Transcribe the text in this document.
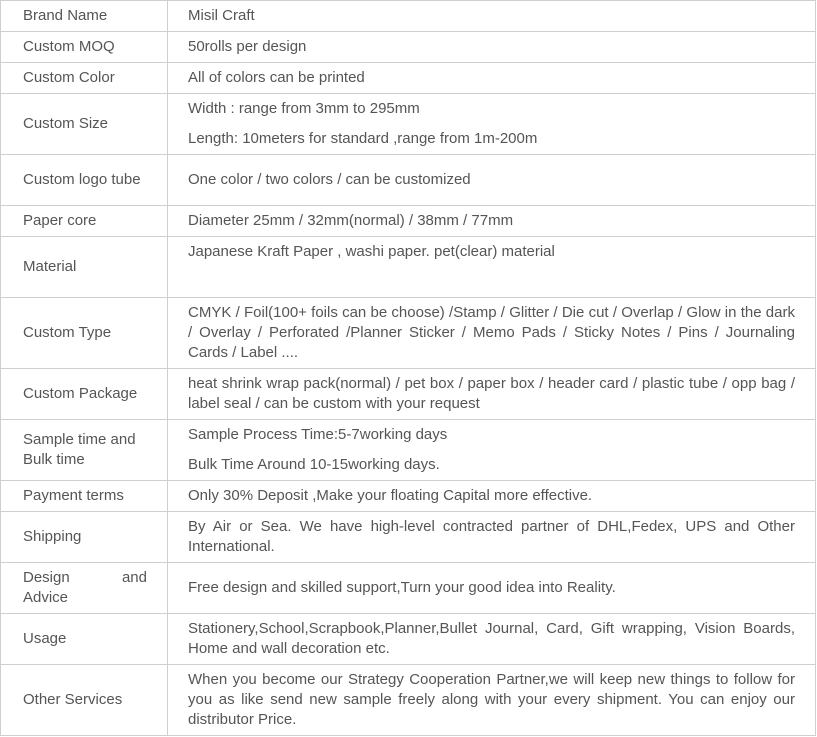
Brand Name	Misil Craft

Custom MOQ	50rolls per design

Custom Color	All of colors can be printed

Custom Size	Width : range from 3mm to 295mm
Length: 10meters for standard ,range from 1m-200m

Custom logo tube	One color / two colors / can be customized

Paper core	Diameter 25mm / 32mm(normal) / 38mm / 77mm

Material	Japanese Kraft Paper , washi paper. pet(clear) material

Custom Type	CMYK / Foil(100+ foils can be choose) /Stamp / Glitter / Die cut / Overlap / Glow in the dark / Overlay / Perforated /Planner Sticker / Memo Pads / Sticky Notes / Pins / Journaling Cards / Label ....

Custom Package	heat shrink wrap pack(normal) / pet box / paper box / header card / plastic tube / opp bag / label seal / can be custom with your request

Sample time and Bulk time	Sample Process Time:5-7working days
Bulk Time Around 10-15working days.

Payment terms	Only 30% Deposit ,Make your floating Capital more effective.

Shipping	By Air or Sea. We have high-level contracted partner of DHL,Fedex, UPS and Other International.

Design and Advice	Free design and skilled support,Turn your good idea into Reality.

Usage	Stationery,School,Scrapbook,Planner,Bullet Journal, Card, Gift wrapping, Vision Boards, Home and wall decoration etc.

Other Services	When you become our Strategy Cooperation Partner,we will keep new things to follow for you as like send new sample freely along with your every shipment. You can enjoy our distributor Price.
